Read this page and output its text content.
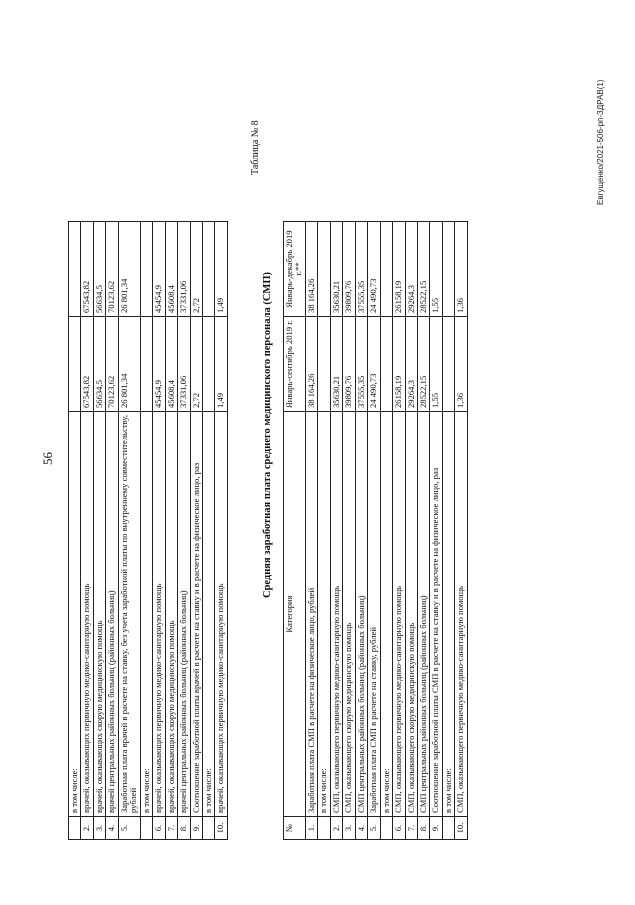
56
	в том числе:		
2.	врачей, оказывающих первичную медико-санитарную помощь	67543,82	67543,82
3.	врачей, оказывающих скорую медицинскую помощь	56634,5	56634,5
4.	врачей центральных районных больниц (районных больниц)	70123,62	70123,62
5.	Заработная плата врачей в расчете на ставку, без учета заработной платы по внутреннему совместительству, рублей	26 801,34	26 801,34
	в том числе:		
6.	врачей, оказывающих первичную медико-санитарную помощь	45454,9	45454,9
7.	врачей, оказывающих скорую медицинскую помощь	45608,4	45608,4
8.	врачей центральных районных больниц (районных больниц)	37331,06	37331,06
9.	Соотношение заработной платы врачей в расчете на ставку и в расчете на физическое лицо, раз	2,72	2,72
	в том числе:		
10.	врачей, оказывающих первичную медико-санитарную помощь	1,49	1,49
Таблица № 8
Средняя заработная плата среднего медицинского персонала (СМП)
№	Категория	Январь-сентябрь 2019 г.	Январь-декабрь 2019 г.**
1.	Заработная плата СМП в расчете на физическое лицо, рублей	38 164,26	38 164,26
	в том числе:		
2.	СМП, оказывающего первичную медико-санитарную помощь	35630,21	35630,21
3.	СМП, оказывающего скорую медицинскую помощь	39809,76	39809,76
4.	СМП центральных районных больниц (районных больниц)	37555,35	37555,35
5.	Заработная плата СМП в расчете на ставку, рублей	24 490,73	24 490,73
	в том числе:		
6.	СМП, оказывающего первичную медико-санитарную помощь	26158,19	26158,19
7.	СМП, оказывающего скорую медицинскую помощь	29264,3	29264,3
8.	СМП центральных районных больниц (районных больниц)	28522,15	28522,15
9.	Соотношение заработной платы СМП в расчете на ставку и в расчете на физическое лицо, раз	1,55	1,55
	в том числе:		
10.	СМП, оказывающего первичную медико-санитарную помощь	1,36	1,36
Евгущенко/2021-506-рп-ЗДРАВ(1)
